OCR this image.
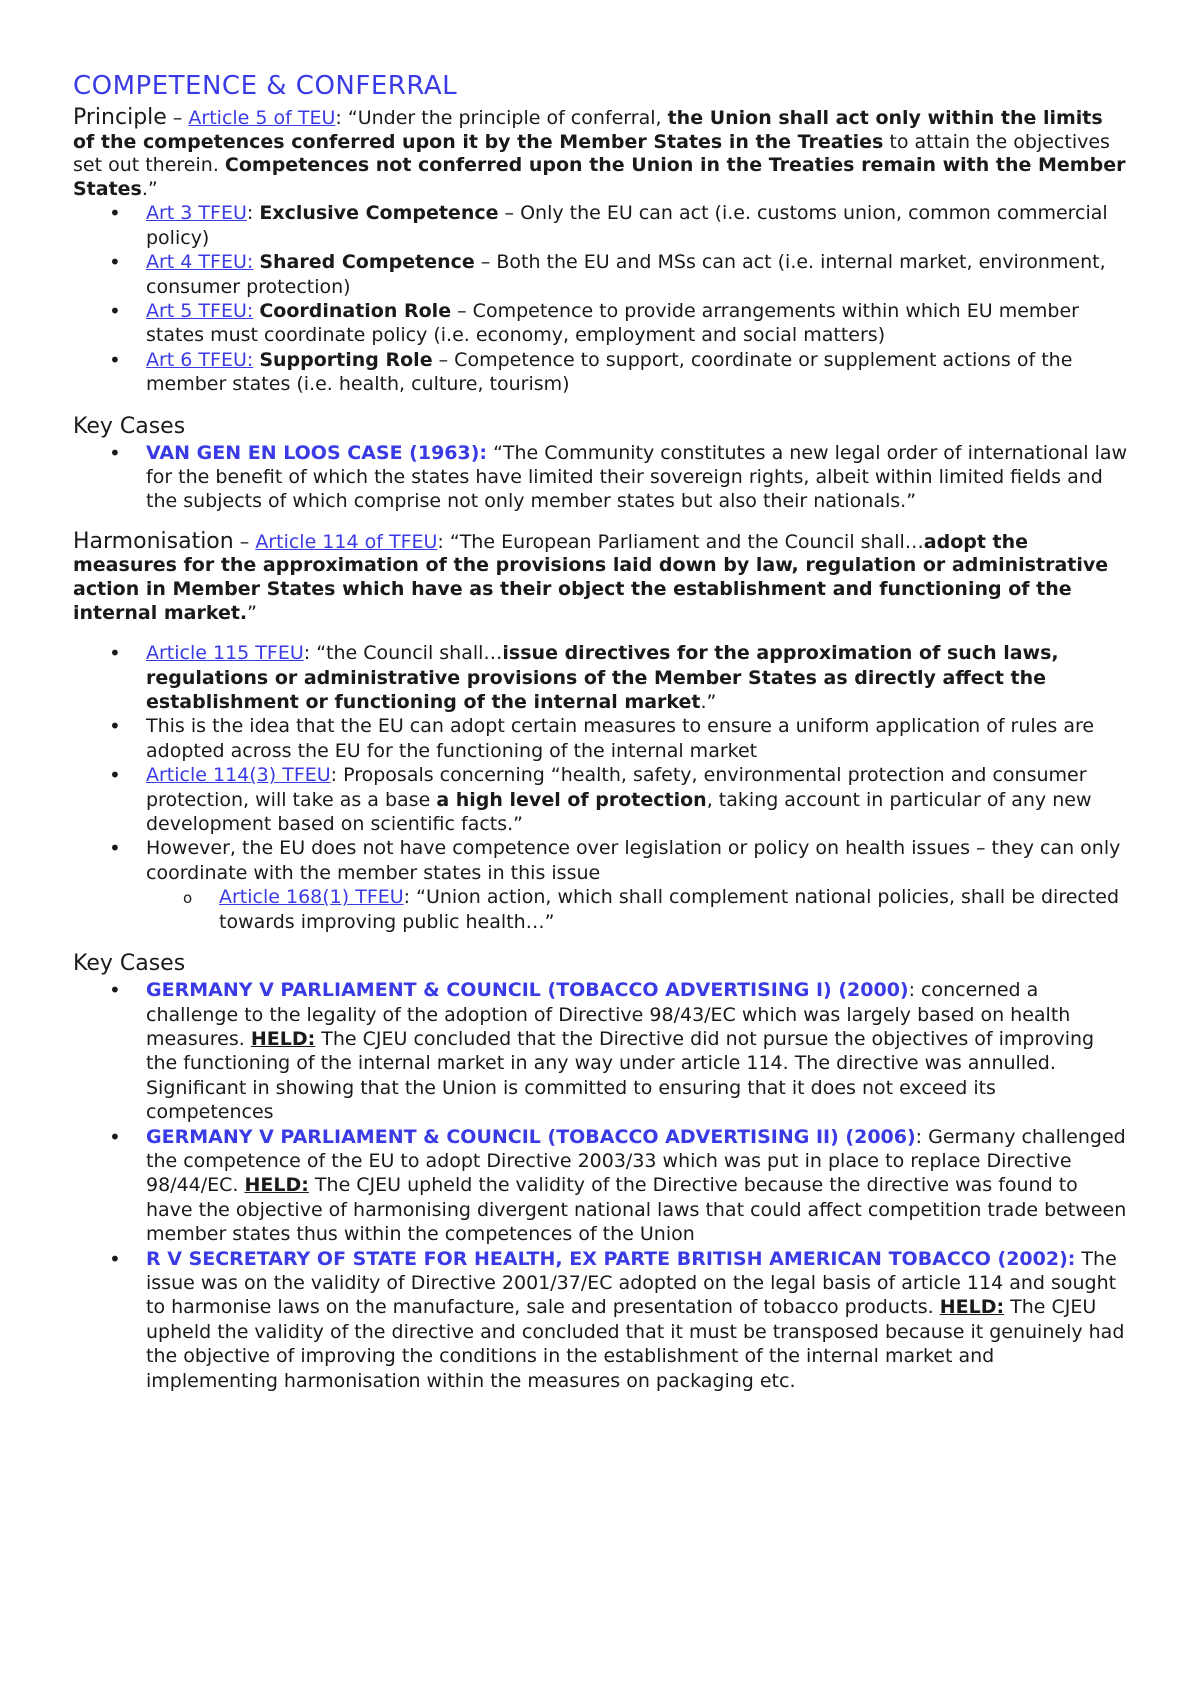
COMPETENCE & CONFERRAL

Principle – Article 5 of TEU: “Under the principle of conferral, the Union shall act only within the limits of the competences conferred upon it by the Member States in the Treaties to attain the objectives set out therein. Competences not conferred upon the Union in the Treaties remain with the Member States.”

• Art 3 TFEU: Exclusive Competence – Only the EU can act (i.e. customs union, common commercial policy)
• Art 4 TFEU: Shared Competence – Both the EU and MSs can act (i.e. internal market, environment, consumer protection)
• Art 5 TFEU: Coordination Role – Competence to provide arrangements within which EU member states must coordinate policy (i.e. economy, employment and social matters)
• Art 6 TFEU: Supporting Role – Competence to support, coordinate or supplement actions of the member states (i.e. health, culture, tourism)
Key Cases
• VAN GEN EN LOOS CASE (1963): “The Community constitutes a new legal order of international law for the benefit of which the states have limited their sovereign rights, albeit within limited fields and the subjects of which comprise not only member states but also their nationals.”

Harmonisation – Article 114 of TFEU: “The European Parliament and the Council shall…adopt the measures for the approximation of the provisions laid down by law, regulation or administrative action in Member States which have as their object the establishment and functioning of the internal market.”

• Article 115 TFEU: “the Council shall…issue directives for the approximation of such laws, regulations or administrative provisions of the Member States as directly affect the establishment or functioning of the internal market.”
• This is the idea that the EU can adopt certain measures to ensure a uniform application of rules are adopted across the EU for the functioning of the internal market
• Article 114(3) TFEU: Proposals concerning “health, safety, environmental protection and consumer protection, will take as a base a high level of protection, taking account in particular of any new development based on scientific facts.”
• However, the EU does not have competence over legislation or policy on health issues – they can only coordinate with the member states in this issue
o Article 168(1) TFEU: “Union action, which shall complement national policies, shall be directed towards improving public health…”
Key Cases
• GERMANY V PARLIAMENT & COUNCIL (TOBACCO ADVERTISING I) (2000): concerned a challenge to the legality of the adoption of Directive 98/43/EC which was largely based on health measures. HELD: The CJEU concluded that the Directive did not pursue the objectives of improving the functioning of the internal market in any way under article 114. The directive was annulled. Significant in showing that the Union is committed to ensuring that it does not exceed its competences
• GERMANY V PARLIAMENT & COUNCIL (TOBACCO ADVERTISING II) (2006): Germany challenged the competence of the EU to adopt Directive 2003/33 which was put in place to replace Directive 98/44/EC. HELD: The CJEU upheld the validity of the Directive because the directive was found to have the objective of harmonising divergent national laws that could affect competition trade between member states thus within the competences of the Union
• R V SECRETARY OF STATE FOR HEALTH, EX PARTE BRITISH AMERICAN TOBACCO (2002): The issue was on the validity of Directive 2001/37/EC adopted on the legal basis of article 114 and sought to harmonise laws on the manufacture, sale and presentation of tobacco products. HELD: The CJEU upheld the validity of the directive and concluded that it must be transposed because it genuinely had the objective of improving the conditions in the establishment of the internal market and implementing harmonisation within the measures on packaging etc.
